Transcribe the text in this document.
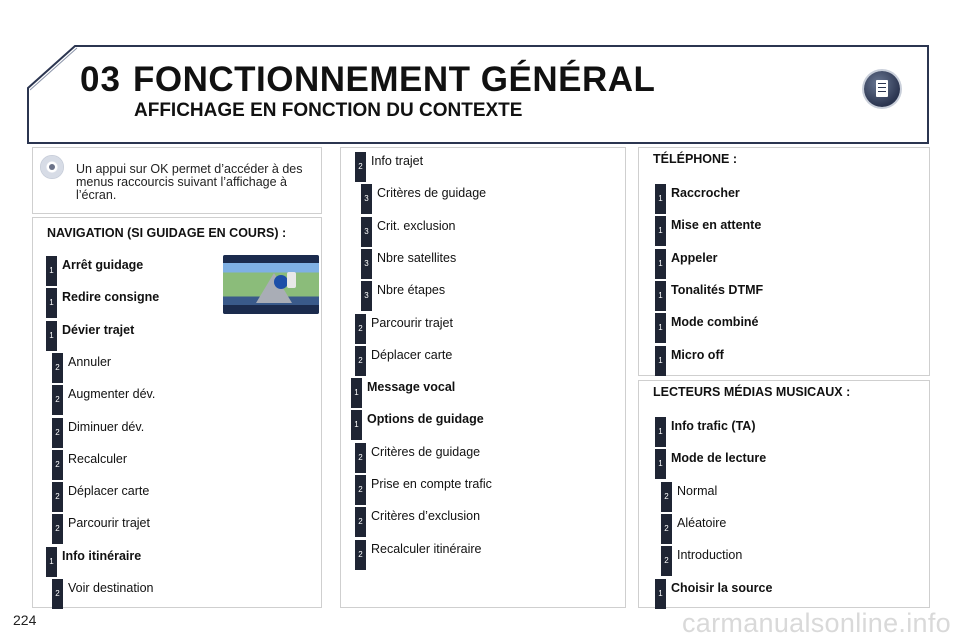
03 FONCTIONNEMENT GÉNÉRAL
AFFICHAGE EN FONCTION DU CONTEXTE
Un appui sur OK permet d’accéder à des menus raccourcis suivant l’affichage à l’écran.
NAVIGATION (SI GUIDAGE EN COURS) :
1 Arrêt guidage
1 Redire consigne
1 Dévier trajet
2 Annuler
2 Augmenter dév.
2 Diminuer dév.
2 Recalculer
2 Déplacer carte
2 Parcourir trajet
1 Info itinéraire
2 Voir destination
2 Info trajet
3 Critères de guidage
3 Crit. exclusion
3 Nbre satellites
3 Nbre étapes
2 Parcourir trajet
2 Déplacer carte
1 Message vocal
1 Options de guidage
2 Critères de guidage
2 Prise en compte trafic
2 Critères d’exclusion
2 Recalculer itinéraire
TÉLÉPHONE :
1 Raccrocher
1 Mise en attente
1 Appeler
1 Tonalités DTMF
1 Mode combiné
1 Micro off
LECTEURS MÉDIAS MUSICAUX :
1 Info trafic (TA)
1 Mode de lecture
2 Normal
2 Aléatoire
2 Introduction
1 Choisir la source
224	carmanualsonline.info
